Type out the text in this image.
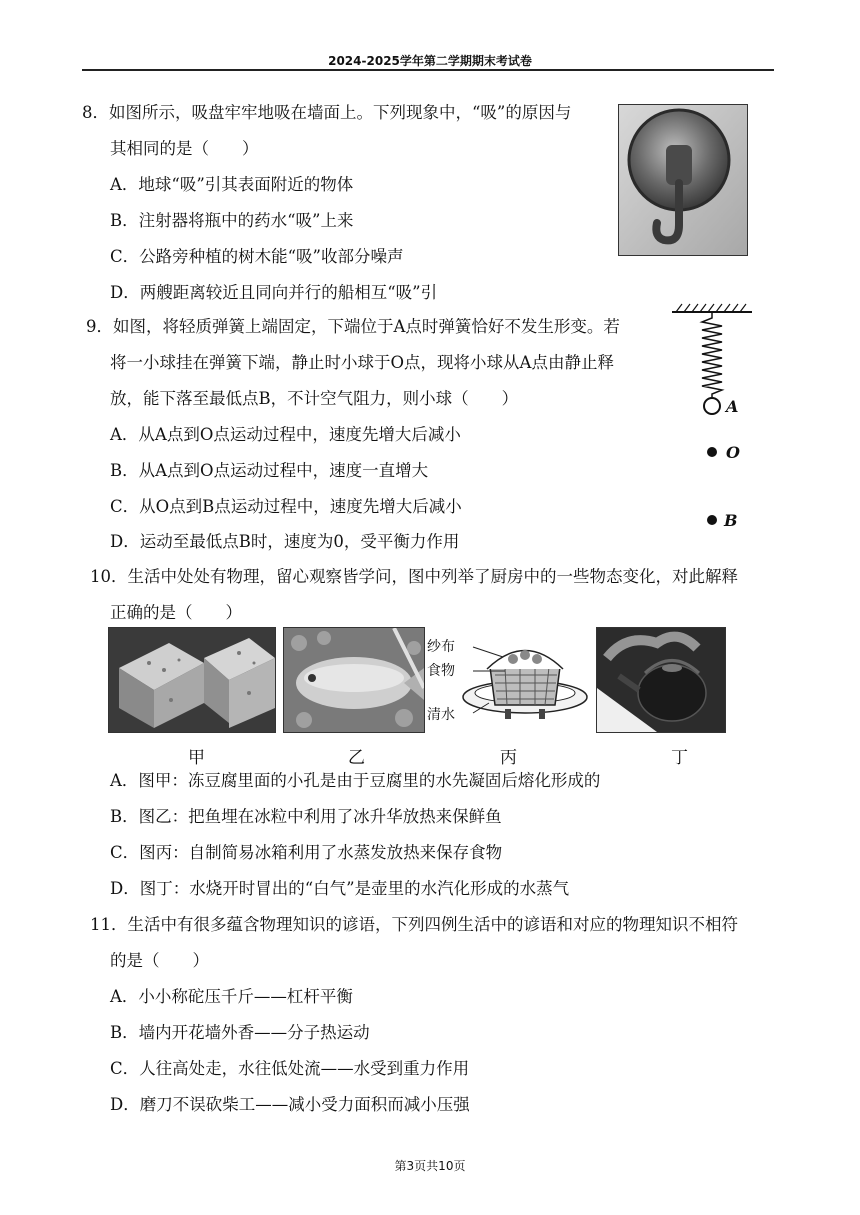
2024-2025学年第二学期期末考试卷
8．如图所示，吸盘牢牢地吸在墙面上。下列现象中，“吸”的原因与
其相同的是（　　）
A．地球“吸”引其表面附近的物体
B．注射器将瓶中的药水“吸”上来
C．公路旁种植的树木能“吸”收部分噪声
D．两艘距离较近且同向并行的船相互“吸”引
9．如图，将轻质弹簧上端固定，下端位于A点时弹簧恰好不发生形变。若
将一小球挂在弹簧下端，静止时小球于O点，现将小球从A点由静止释
放，能下落至最低点B，不计空气阻力，则小球（　　）
A．从A点到O点运动过程中，速度先增大后减小
B．从A点到O点运动过程中，速度一直增大
C．从O点到B点运动过程中，速度先增大后减小
D．运动至最低点B时，速度为0，受平衡力作用
A
O
B
10．生活中处处有物理，留心观察皆学问，图中列举了厨房中的一些物态变化，对此解释
正确的是（　　）
纱布
食物
清水
甲	乙	丙	丁
A．图甲：冻豆腐里面的小孔是由于豆腐里的水先凝固后熔化形成的
B．图乙：把鱼埋在冰粒中利用了冰升华放热来保鲜鱼
C．图丙：自制简易冰箱利用了水蒸发放热来保存食物
D．图丁：水烧开时冒出的“白气”是壶里的水汽化形成的水蒸气
11．生活中有很多蕴含物理知识的谚语，下列四例生活中的谚语和对应的物理知识不相符
的是（　　）
A．小小称砣压千斤——杠杆平衡
B．墙内开花墙外香——分子热运动
C．人往高处走，水往低处流——水受到重力作用
D．磨刀不误砍柴工——减小受力面积而减小压强
第3页共10页
